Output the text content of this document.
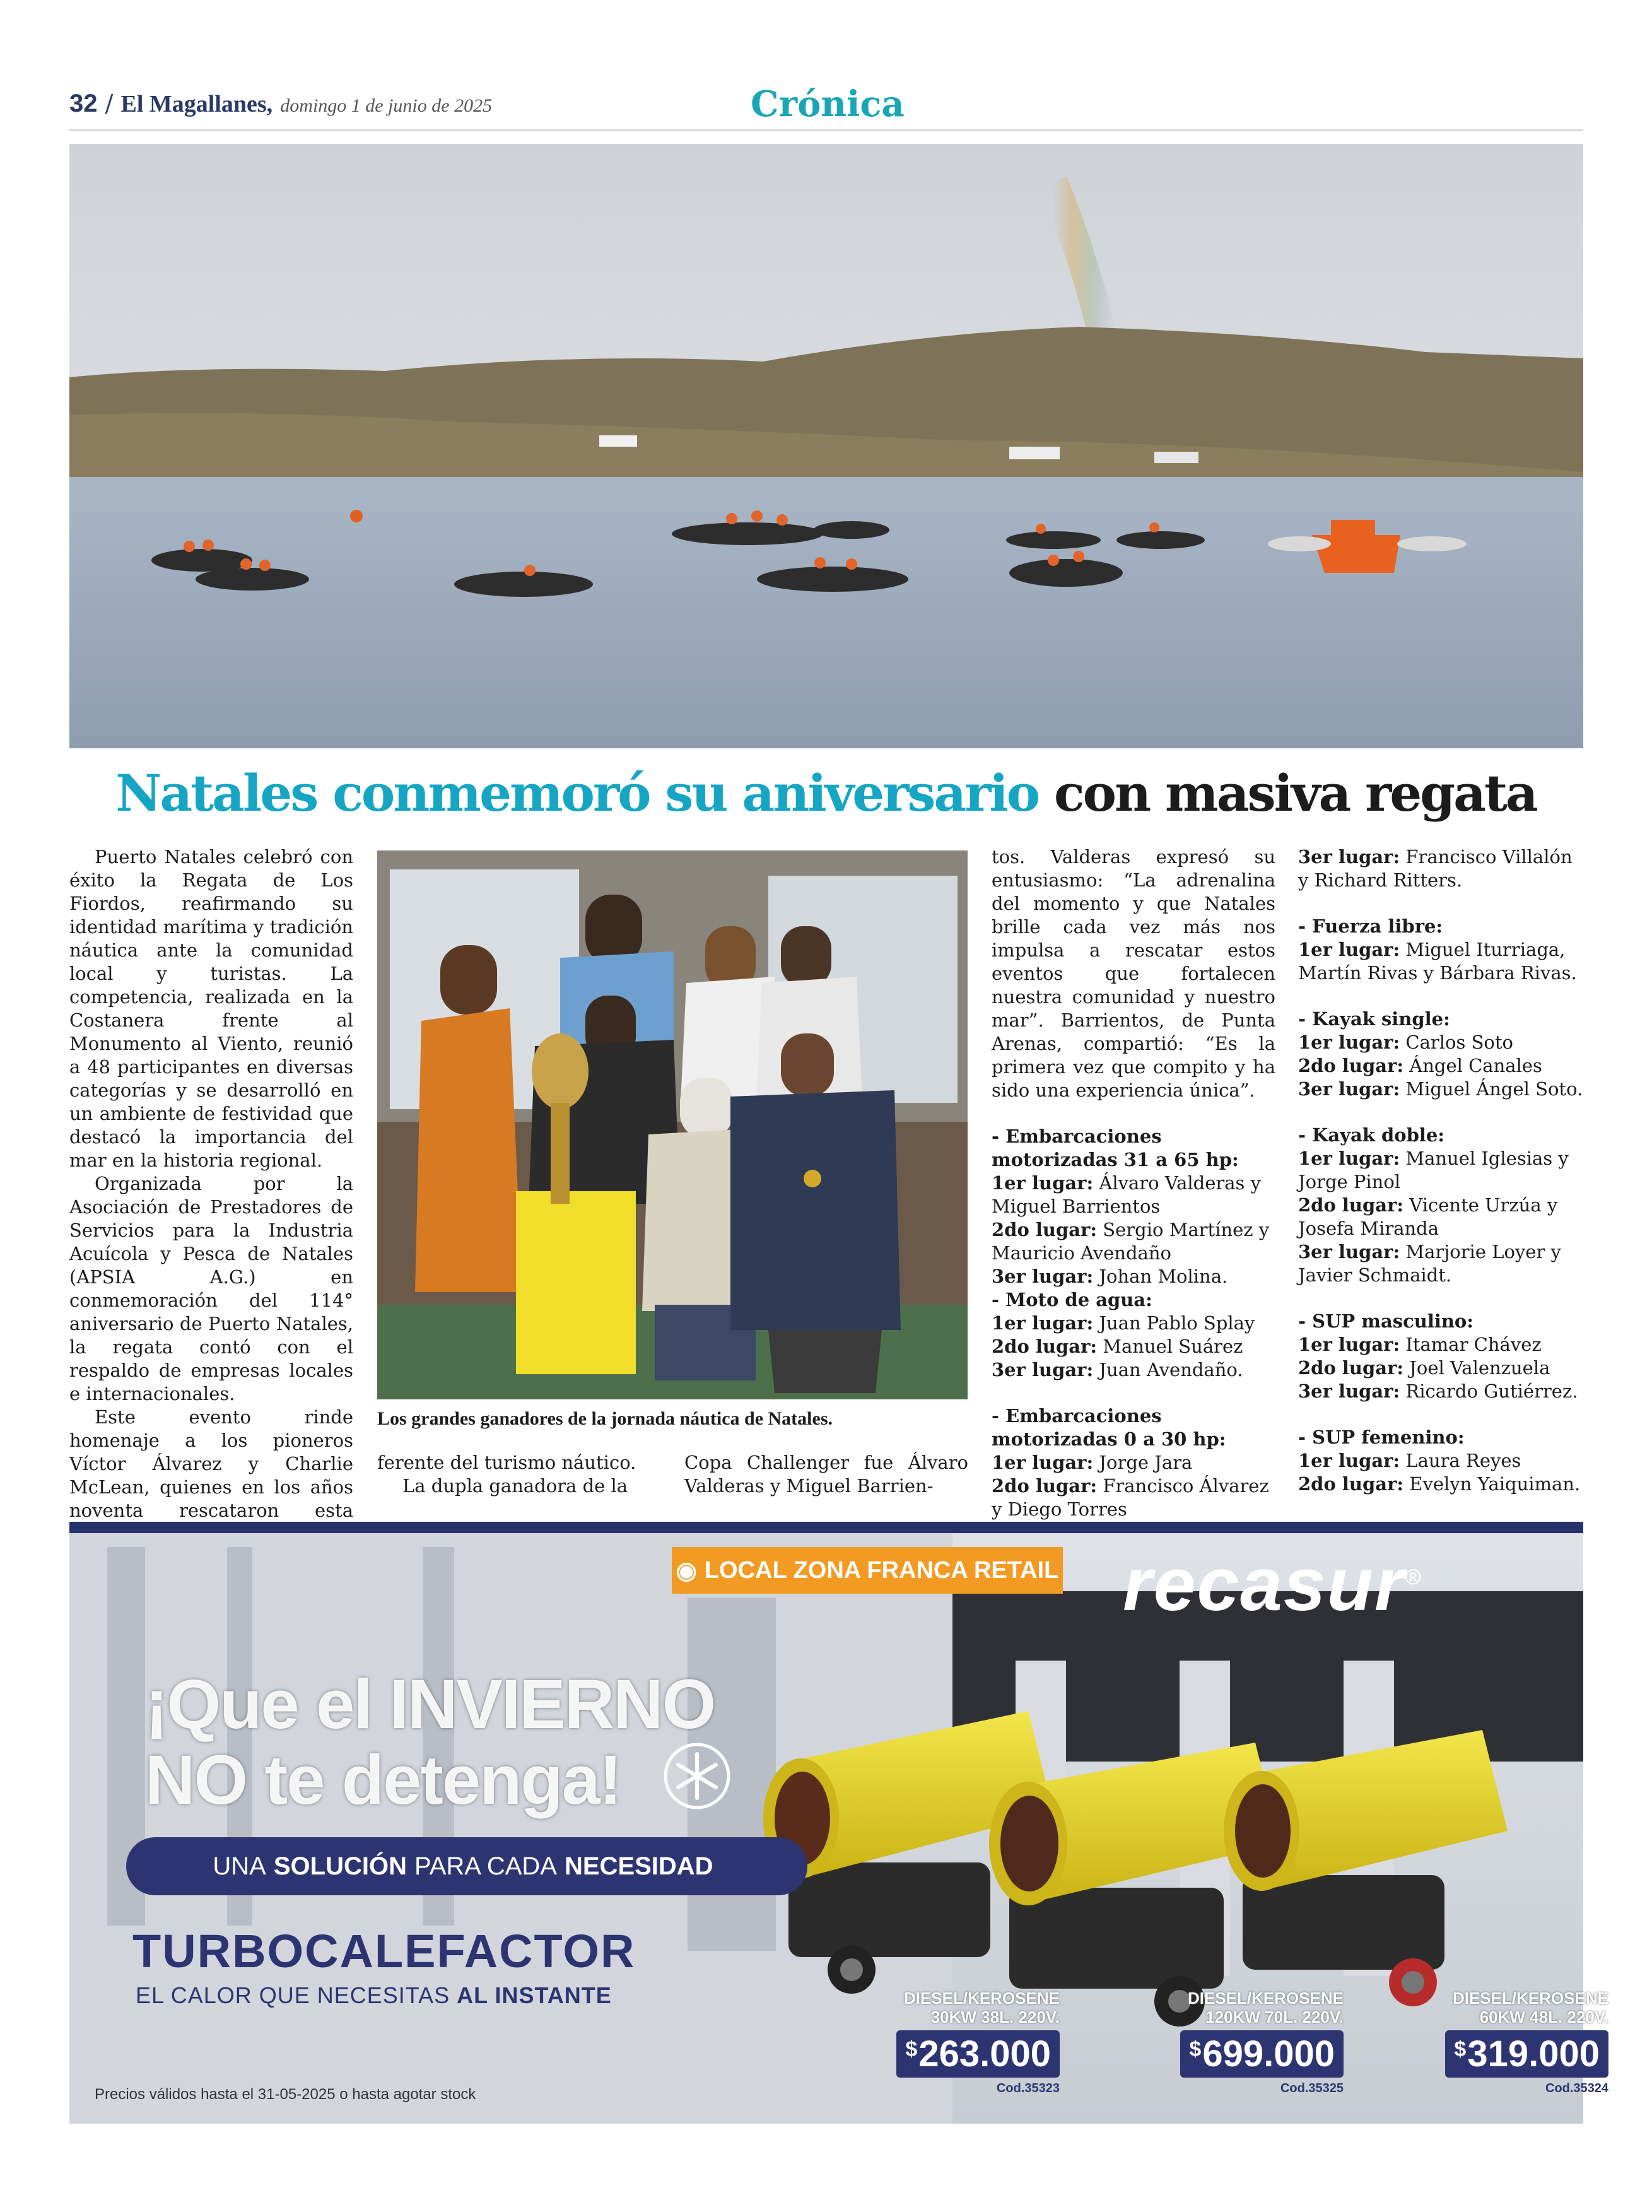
32 / El Magallanes, domingo 1 de junio de 2025	Crónica
Natales conmemoró su aniversario con masiva regata

Puerto Natales celebró con éxito la Regata de Los Fiordos, reafirmando su identidad marítima y tradición náutica ante la comunidad local y turistas. La competencia, realizada en la Costanera frente al Monumento al Viento, reunió a 48 participantes en diversas categorías y se desarrolló en un ambiente de festividad que destacó la importancia del mar en la historia regional.

Organizada por la Asociación de Prestadores de Servicios para la Industria Acuícola y Pesca de Natales (APSIA A.G.) en conmemoración del 114° aniversario de Puerto Natales, la regata contó con el respaldo de empresas locales e internacionales.

Este evento rinde homenaje a los pioneros Víctor Álvarez y Charlie McLean, quienes en los años noventa rescataron esta

Los grandes ganadores de la jornada náutica de Natales.

ferente del turismo náutico.

La dupla ganadora de la

Copa Challenger fue Álvaro Valderas y Miguel Barrien-

tos. Valderas expresó su entusiasmo: “La adrenalina del momento y que Natales brille cada vez más nos impulsa a rescatar estos eventos que fortalecen nuestra comunidad y nuestro mar”. Barrientos, de Punta Arenas, compartió: “Es la primera vez que compito y ha sido una experiencia única”.

- Embarcaciones motorizadas 31 a 65 hp:
1er lugar: Álvaro Valderas y Miguel Barrientos
2do lugar: Sergio Martínez y Mauricio Avendaño
3er lugar: Johan Molina.
- Moto de agua:
1er lugar: Juan Pablo Splay
2do lugar: Manuel Suárez
3er lugar: Juan Avendaño.
- Embarcaciones motorizadas 0 a 30 hp:
1er lugar: Jorge Jara
2do lugar: Francisco Álvarez y Diego Torres
3er lugar: Francisco Villalón y Richard Ritters.
- Fuerza libre:
1er lugar: Miguel Iturriaga, Martín Rivas y Bárbara Rivas.
- Kayak single:
1er lugar: Carlos Soto
2do lugar: Ángel Canales
3er lugar: Miguel Ángel Soto.
- Kayak doble:
1er lugar: Manuel Iglesias y Jorge Pinol
2do lugar: Vicente Urzúa y Josefa Miranda
3er lugar: Marjorie Loyer y Javier Schmaidt.
- SUP masculino:
1er lugar: Itamar Chávez
2do lugar: Joel Valenzuela
3er lugar: Ricardo Gutiérrez.
- SUP femenino:
1er lugar: Laura Reyes
2do lugar: Evelyn Yaiquiman.
◉ LOCAL ZONA FRANCA RETAIL recasur®
¡Que el INVIERNO
NO te detenga!
UNA SOLUCIÓN PARA CADA NECESIDAD
TURBOCALEFACTOR
EL CALOR QUE NECESITAS AL INSTANTE	DIESEL/KEROSENE
30KW 38L. 220V.
$263.000
Cod.35323
DIESEL/KEROSENE
120KW 70L. 220V.
$699.000
Cod.35325
DIESEL/KEROSENE
60KW 48L. 220V.
$319.000
Cod.35324
Precios válidos hasta el 31-05-2025 o hasta agotar stock
